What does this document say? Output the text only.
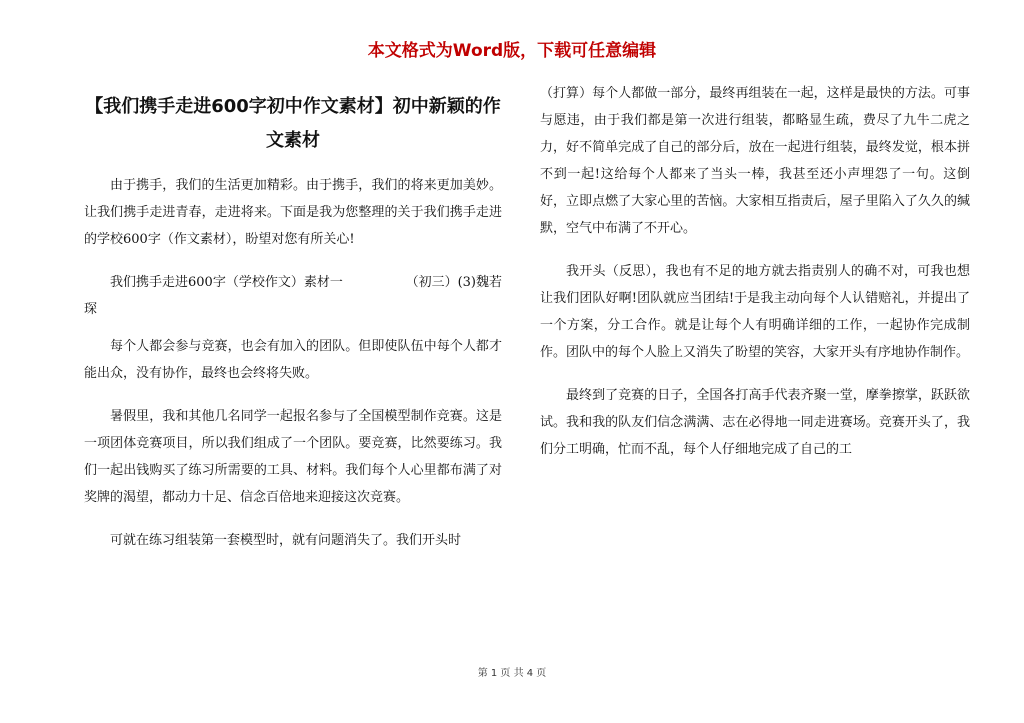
本文格式为Word版，下载可任意编辑
【我们携手走进600字初中作文素材】初中新颖的作文素材
由于携手，我们的生活更加精彩。由于携手，我们的将来更加美妙。让我们携手走进青春，走进将来。下面是我为您整理的关于我们携手走进的学校600字（作文素材），盼望对您有所关心!
我们携手走进600字（学校作文）素材一	（初三）(3)魏若
琛
每个人都会参与竞赛，也会有加入的团队。但即使队伍中每个人都才能出众，没有协作，最终也会终将失败。
暑假里，我和其他几名同学一起报名参与了全国模型制作竞赛。这是一项团体竞赛项目，所以我们组成了一个团队。要竞赛，比然要练习。我们一起出钱购买了练习所需要的工具、材料。我们每个人心里都布满了对奖牌的渴望，都动力十足、信念百倍地来迎接这次竞赛。
可就在练习组装第一套模型时，就有问题消失了。我们开头时
（打算）每个人都做一部分，最终再组装在一起，这样是最快的方法。可事与愿违，由于我们都是第一次进行组装，都略显生疏，费尽了九牛二虎之力，好不简单完成了自己的部分后，放在一起进行组装，最终发觉，根本拼不到一起!这给每个人都来了当头一棒，我甚至还小声埋怨了一句。这倒好，立即点燃了大家心里的苦恼。大家相互指责后，屋子里陷入了久久的缄默，空气中布满了不开心。
我开头（反思），我也有不足的地方就去指责别人的确不对，可我也想让我们团队好啊!团队就应当团结!于是我主动向每个人认错赔礼，并提出了一个方案，分工合作。就是让每个人有明确详细的工作，一起协作完成制作。团队中的每个人脸上又消失了盼望的笑容，大家开头有序地协作制作。
最终到了竞赛的日子，全国各打高手代表齐聚一堂，摩拳擦掌，跃跃欲试。我和我的队友们信念满满、志在必得地一同走进赛场。竞赛开头了，我们分工明确，忙而不乱，每个人仔细地完成了自己的工
第 1 页 共 4 页
